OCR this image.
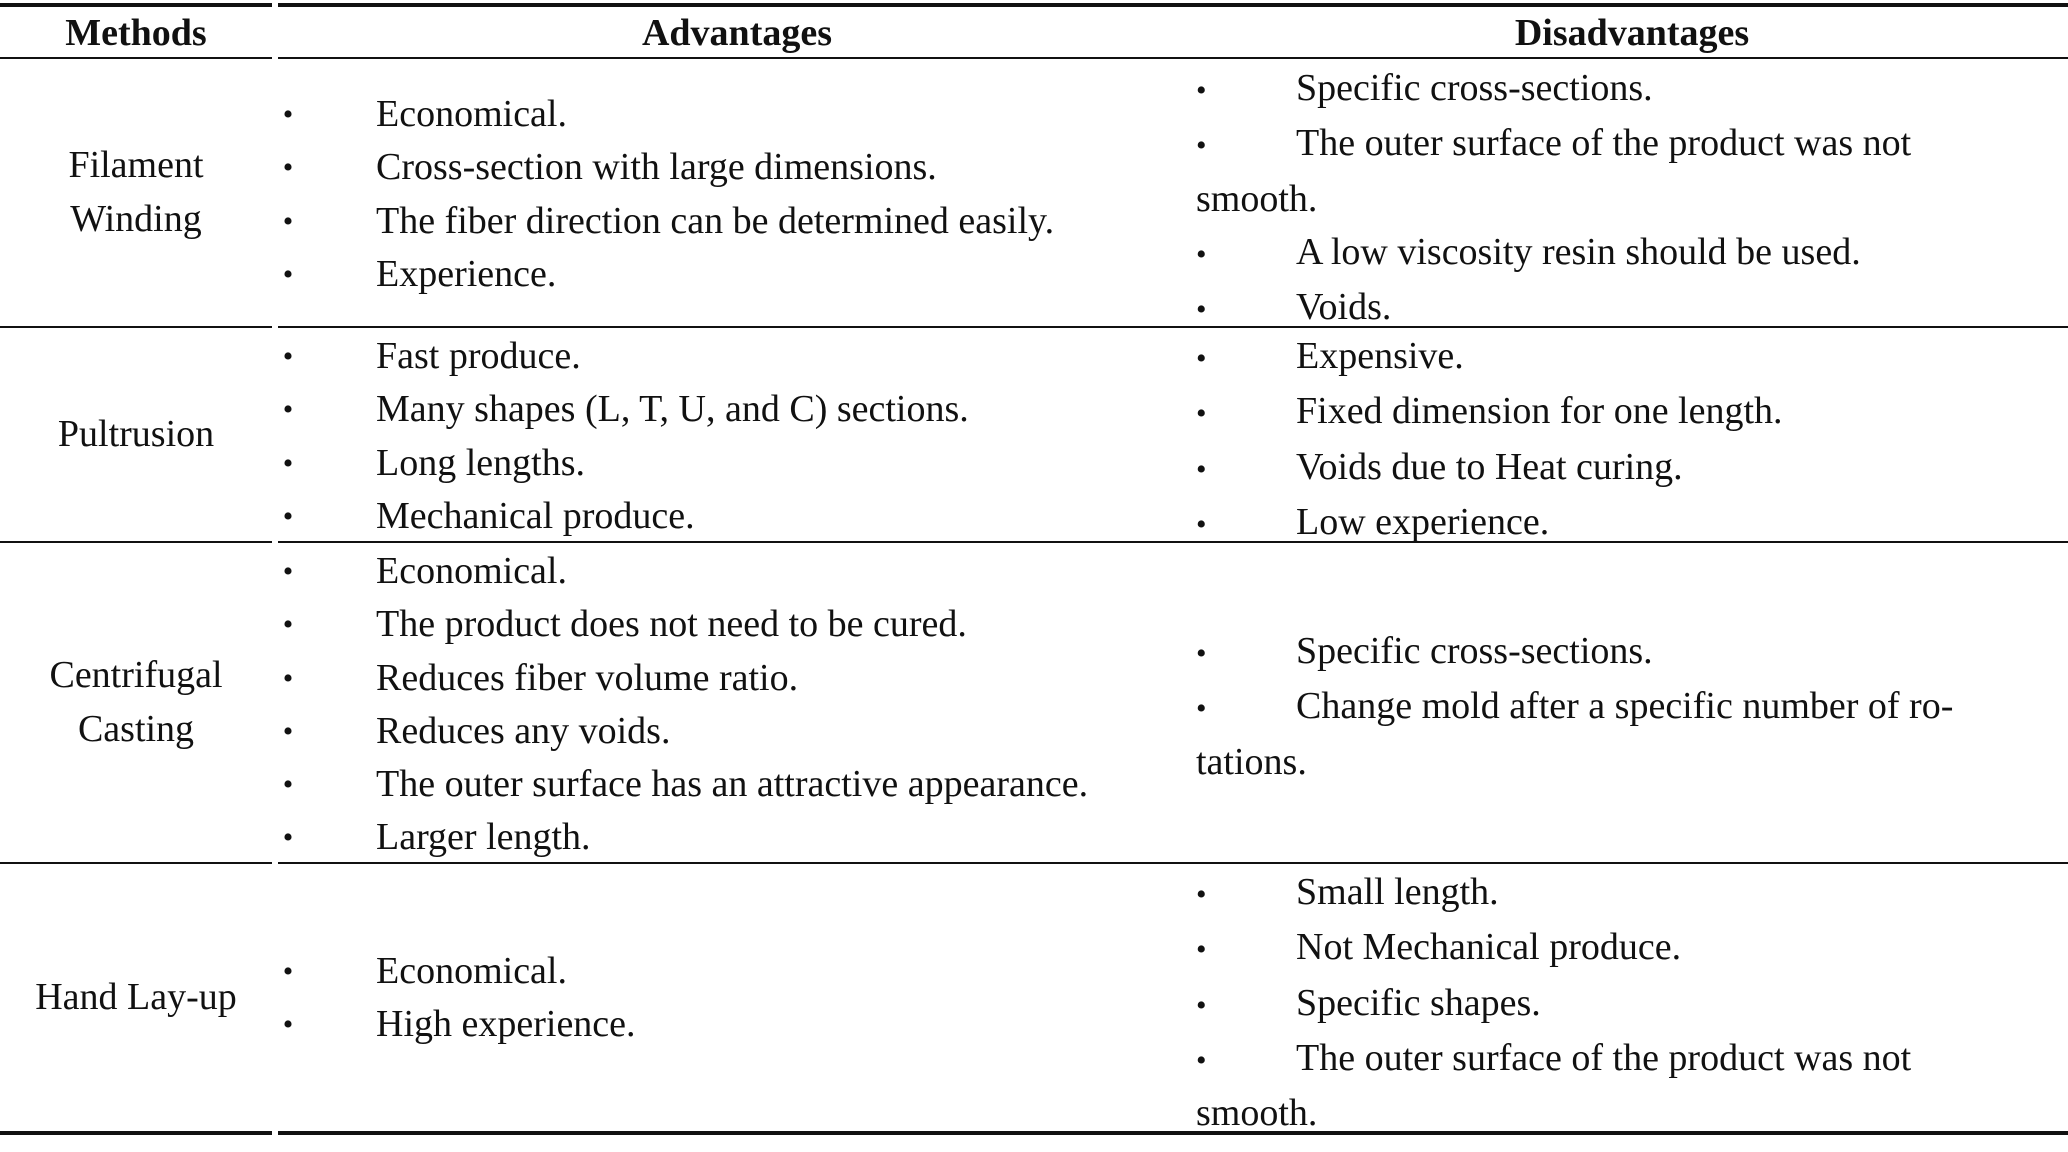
Methods	Advantages	Disadvantages
Filament
Winding
• Economical.
• Cross-section with large dimensions.
• The fiber direction can be determined easily.
• Experience.
• Specific cross-sections.
• The outer surface of the product was not smooth.
• A low viscosity resin should be used.
• Voids.
Pultrusion
• Fast produce.
• Many shapes (L, T, U, and C) sections.
• Long lengths.
• Mechanical produce.
• Expensive.
• Fixed dimension for one length.
• Voids due to Heat curing.
• Low experience.
Centrifugal
Casting
• Economical.
• The product does not need to be cured.
• Reduces fiber volume ratio.
• Reduces any voids.
• The outer surface has an attractive appearance.
• Larger length.
• Specific cross-sections.
• Change mold after a specific number of ro-tations.
Hand Lay-up
• Economical.
• High experience.
• Small length.
• Not Mechanical produce.
• Specific shapes.
• The outer surface of the product was not smooth.
